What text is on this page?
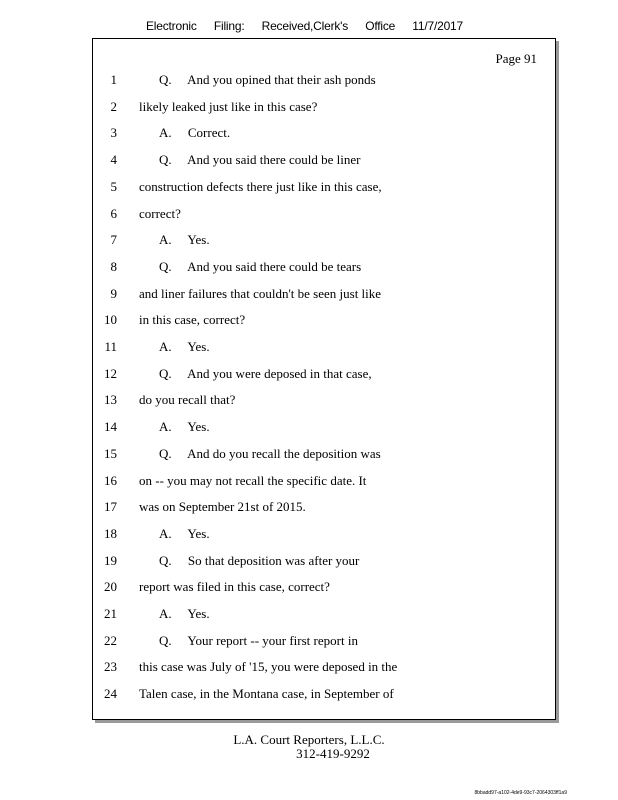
Electronic Filing: Received,Clerk's Office 11/7/2017
Page 91
1	Q.  And you opined that their ash ponds
2 likely leaked just like in this case?
3	A.  Correct.
4	Q.  And you said there could be liner
5 construction defects there just like in this case,
6 correct?
7	A.  Yes.
8	Q.  And you said there could be tears
9 and liner failures that couldn't be seen just like
10 in this case, correct?
11	A.  Yes.
12	Q.  And you were deposed in that case,
13 do you recall that?
14	A.  Yes.
15	Q.  And do you recall the deposition was
16 on -- you may not recall the specific date. It
17 was on September 21st of 2015.
18	A.  Yes.
19	Q.  So that deposition was after your
20 report was filed in this case, correct?
21	A.  Yes.
22	Q.  Your report -- your first report in
23 this case was July of '15, you were deposed in the
24 Talen case, in the Montana case, in September of
L.A. Court Reporters, L.L.C.
312-419-9292
8bbadd97-a102-4de9-93c7-2064303ff1a9
